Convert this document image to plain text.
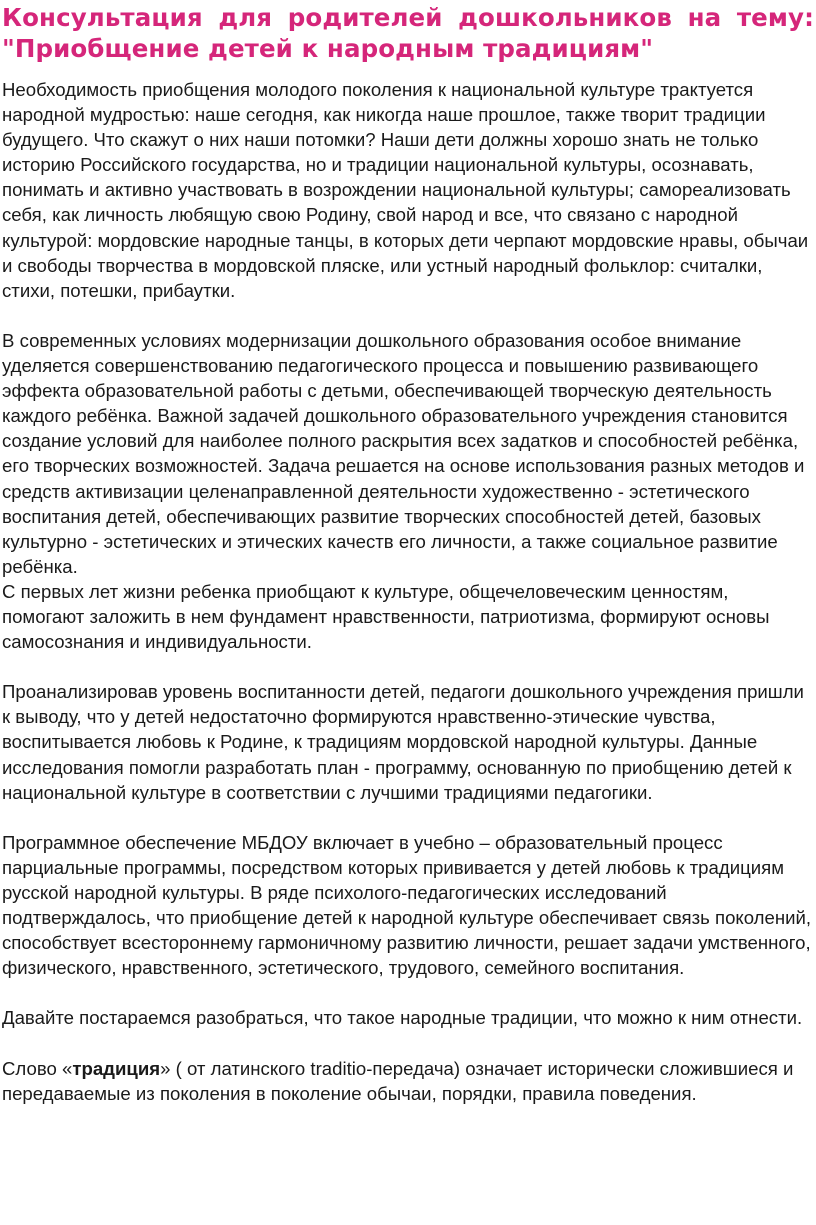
Консультация для родителей дошкольников на тему: "Приобщение детей к народным традициям"

Необходимость приобщения молодого поколения к национальной культуре трактуется народной мудростью: наше сегодня, как никогда наше прошлое, также творит традиции будущего. Что скажут о них наши потомки? Наши дети должны хорошо знать не только историю Российского государства, но и традиции национальной культуры, осознавать, понимать и активно участвовать в возрождении национальной культуры; самореализовать себя, как личность любящую свою Родину, свой народ и все, что связано с народной культурой: мордовские народные танцы, в которых дети черпают мордовские нравы, обычаи и свободы творчества в мордовской пляске, или устный народный фольклор: считалки, стихи, потешки, прибаутки.

В современных условиях модернизации дошкольного образования особое внимание уделяется совершенствованию педагогического процесса и повышению развивающего эффекта образовательной работы с детьми, обеспечивающей творческую деятельность каждого ребёнка. Важной задачей дошкольного образовательного учреждения становится создание условий для наиболее полного раскрытия всех задатков и способностей ребёнка, его творческих возможностей. Задача решается на основе использования разных методов и средств активизации целенаправленной деятельности художественно - эстетического воспитания детей, обеспечивающих развитие творческих способностей детей, базовых культурно - эстетических и этических качеств его личности, а также социальное развитие ребёнка.

С первых лет жизни ребенка приобщают к культуре, общечеловеческим ценностям, помогают заложить в нем фундамент нравственности, патриотизма, формируют основы самосознания и индивидуальности.

Проанализировав уровень воспитанности детей, педагоги дошкольного учреждения пришли к выводу, что у детей недостаточно формируются нравственно-этические чувства, воспитывается любовь к Родине, к традициям мордовской народной культуры. Данные исследования помогли разработать план - программу, основанную по приобщению детей к национальной культуре в соответствии с лучшими традициями педагогики.

Программное обеспечение МБДОУ включает в учебно – образовательный процесс парциальные программы, посредством которых прививается у детей любовь к традициям русской народной культуры. В ряде психолого-педагогических исследований подтверждалось, что приобщение детей к народной культуре обеспечивает связь поколений, способствует всестороннему гармоничному развитию личности, решает задачи умственного, физического, нравственного, эстетического, трудового, семейного воспитания.

Давайте постараемся разобраться, что такое народные традиции, что можно к ним отнести.

Слово «традиция» ( от латинского traditio-передача) означает исторически сложившиеся и передаваемые из поколения в поколение обычаи, порядки, правила поведения.
